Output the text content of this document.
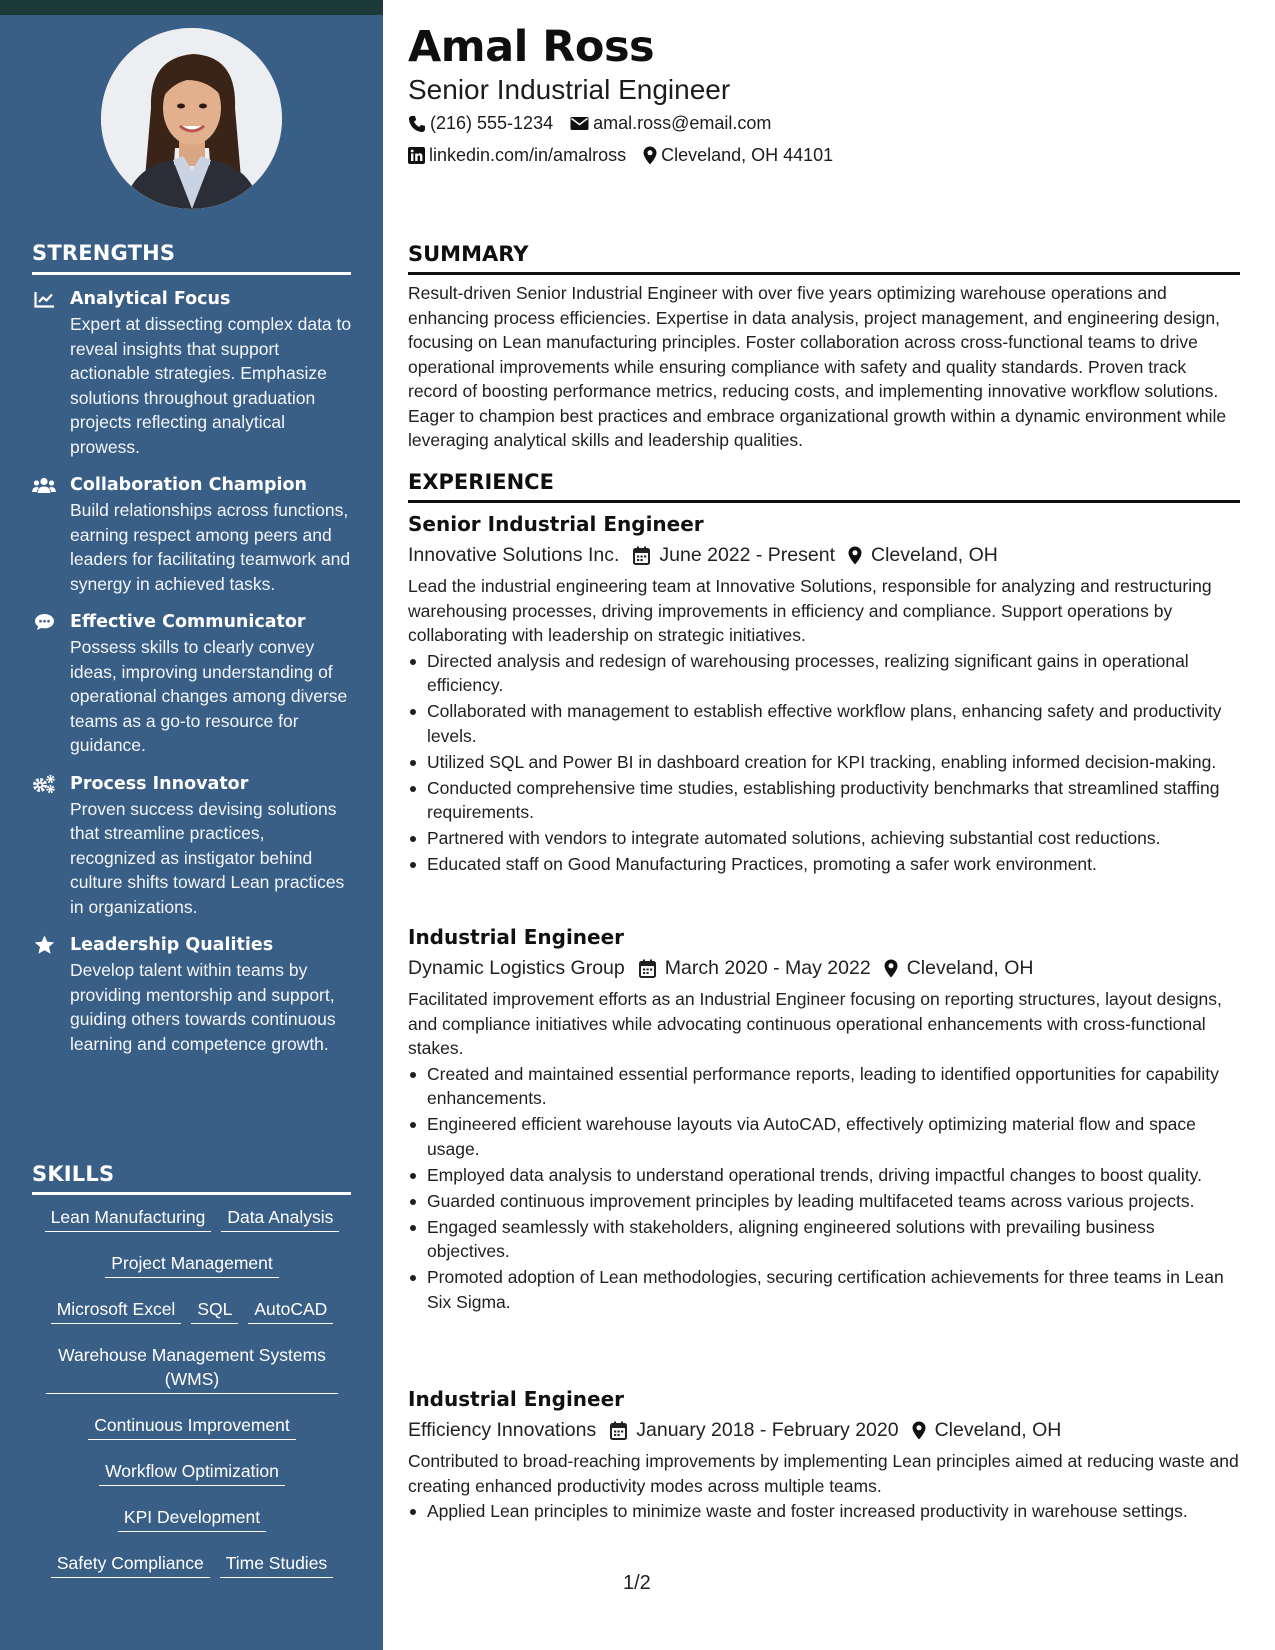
STRENGTHS
Analytical Focus
Expert at dissecting complex data to reveal insights that support actionable strategies. Emphasize solutions throughout graduation projects reflecting analytical prowess.
Collaboration Champion
Build relationships across functions, earning respect among peers and leaders for facilitating teamwork and synergy in achieved tasks.
Effective Communicator
Possess skills to clearly convey ideas, improving understanding of operational changes among diverse teams as a go-to resource for guidance.
Process Innovator
Proven success devising solutions that streamline practices, recognized as instigator behind culture shifts toward Lean practices in organizations.
Leadership Qualities
Develop talent within teams by providing mentorship and support, guiding others towards continuous learning and competence growth.
SKILLS
Lean Manufacturing	Data Analysis
Project Management
Microsoft Excel	SQL	AutoCAD
Warehouse Management Systems (WMS)
Continuous Improvement
Workflow Optimization
KPI Development
Safety Compliance	Time Studies
Amal Ross
Senior Industrial Engineer
(216) 555-1234 amal.ross@email.com
linkedin.com/in/amalross Cleveland, OH 44101
SUMMARY
Result-driven Senior Industrial Engineer with over five years optimizing warehouse operations and enhancing process efficiencies. Expertise in data analysis, project management, and engineering design, focusing on Lean manufacturing principles. Foster collaboration across cross-functional teams to drive operational improvements while ensuring compliance with safety and quality standards. Proven track record of boosting performance metrics, reducing costs, and implementing innovative workflow solutions. Eager to champion best practices and embrace organizational growth within a dynamic environment while leveraging analytical skills and leadership qualities.
EXPERIENCE
Senior Industrial Engineer
Innovative Solutions Inc. June 2022 - Present Cleveland, OH
Lead the industrial engineering team at Innovative Solutions, responsible for analyzing and restructuring warehousing processes, driving improvements in efficiency and compliance. Support operations by collaborating with leadership on strategic initiatives.
Directed analysis and redesign of warehousing processes, realizing significant gains in operational efficiency.
Collaborated with management to establish effective workflow plans, enhancing safety and productivity levels.
Utilized SQL and Power BI in dashboard creation for KPI tracking, enabling informed decision-making.
Conducted comprehensive time studies, establishing productivity benchmarks that streamlined staffing requirements.
Partnered with vendors to integrate automated solutions, achieving substantial cost reductions.
Educated staff on Good Manufacturing Practices, promoting a safer work environment.
Industrial Engineer
Dynamic Logistics Group March 2020 - May 2022 Cleveland, OH
Facilitated improvement efforts as an Industrial Engineer focusing on reporting structures, layout designs, and compliance initiatives while advocating continuous operational enhancements with cross-functional stakes.
Created and maintained essential performance reports, leading to identified opportunities for capability enhancements.
Engineered efficient warehouse layouts via AutoCAD, effectively optimizing material flow and space usage.
Employed data analysis to understand operational trends, driving impactful changes to boost quality.
Guarded continuous improvement principles by leading multifaceted teams across various projects.
Engaged seamlessly with stakeholders, aligning engineered solutions with prevailing business objectives.
Promoted adoption of Lean methodologies, securing certification achievements for three teams in Lean Six Sigma.
Industrial Engineer
Efficiency Innovations January 2018 - February 2020 Cleveland, OH
Contributed to broad-reaching improvements by implementing Lean principles aimed at reducing waste and creating enhanced productivity modes across multiple teams.
Applied Lean principles to minimize waste and foster increased productivity in warehouse settings.
1/2
